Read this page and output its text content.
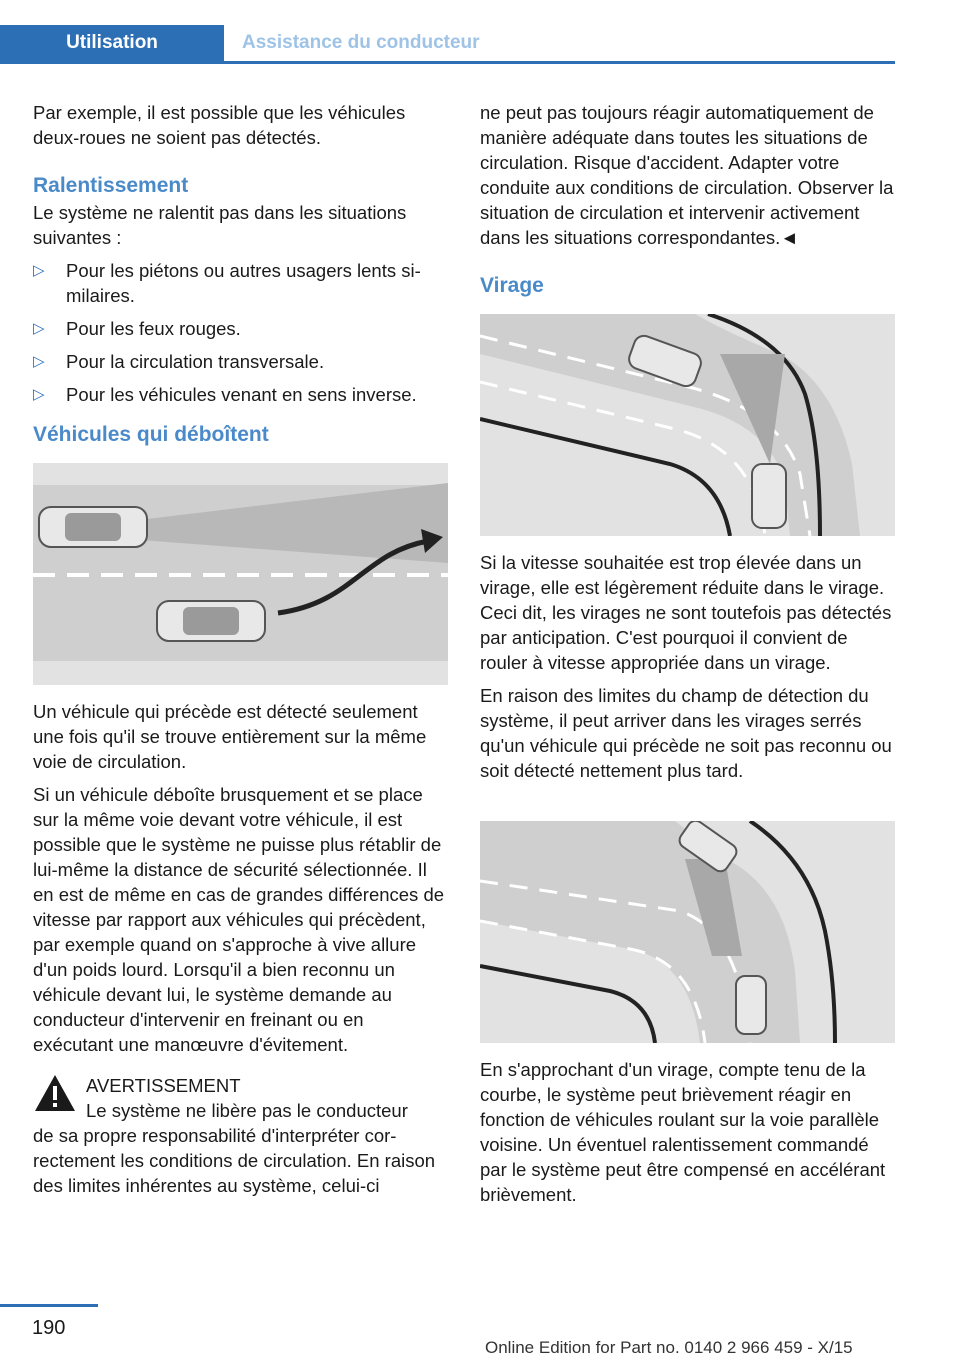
Utilisation	Assistance du conducteur

Par exemple, il est possible que les véhicules deux-roues ne soient pas détectés.

Ralentissement

Le système ne ralentit pas dans les situations suivantes :

▷ Pour les piétons ou autres usagers lents similaires.
▷ Pour les feux rouges.
▷ Pour la circulation transversale.
▷ Pour les véhicules venant en sens inverse.
Véhicules qui déboîtent

Un véhicule qui précède est détecté seulement une fois qu'il se trouve entièrement sur la même voie de circulation.

Si un véhicule déboîte brusquement et se place sur la même voie devant votre véhicule, il est possible que le système ne puisse plus rétablir de lui-même la distance de sécurité sélectionnée. Il en est de même en cas de grandes différences de vitesse par rapport aux véhicules qui précèdent, par exemple quand on s'approche à vive allure d'un poids lourd. Lorsqu'il a bien reconnu un véhicule devant lui, le système demande au conducteur d'intervenir en freinant ou en exécutant une manœuvre d'évitement.

AVERTISSEMENT
Le système ne libère pas le conducteur
de sa propre responsabilité d'interpréter correctement les conditions de circulation. En raison des limites inhérentes au système, celui-ci

ne peut pas toujours réagir automatiquement de manière adéquate dans toutes les situations de circulation. Risque d'accident. Adapter votre conduite aux conditions de circulation. Observer la situation de circulation et intervenir activement dans les situations correspondantes.◄

Virage

Si la vitesse souhaitée est trop élevée dans un virage, elle est légèrement réduite dans le virage. Ceci dit, les virages ne sont toutefois pas détectés par anticipation. C'est pourquoi il convient de rouler à vitesse appropriée dans un virage.

En raison des limites du champ de détection du système, il peut arriver dans les virages serrés qu'un véhicule qui précède ne soit pas reconnu ou soit détecté nettement plus tard.

En s'approchant d'un virage, compte tenu de la courbe, le système peut brièvement réagir en fonction de véhicules roulant sur la voie parallèle voisine. Un éventuel ralentissement commandé par le système peut être compensé en accélérant brièvement.

190
Online Edition for Part no. 0140 2 966 459 - X/15
